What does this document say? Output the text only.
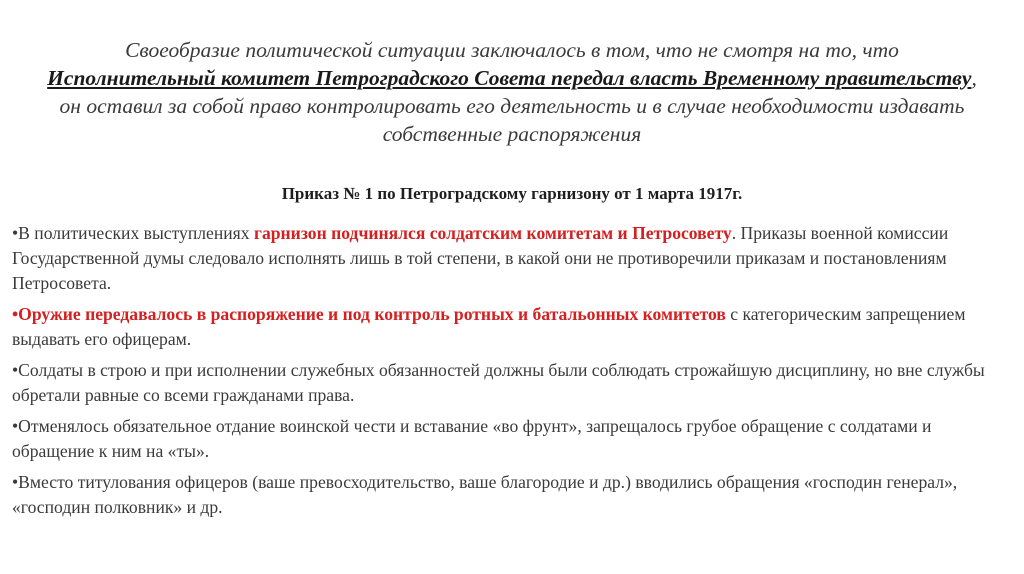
Своеобразие политической ситуации заключалось в том, что не смотря на то, что Исполнительный комитет Петроградского Совета передал власть Временному правительству, он оставил за собой право контролировать его деятельность и в случае необходимости издавать собственные распоряжения

Приказ № 1 по Петроградскому гарнизону от 1 марта 1917г.
•В политических выступлениях гарнизон подчинялся солдатским комитетам и Петросовету. Приказы военной комиссии Государственной думы следовало исполнять лишь в той степени, в какой они не противоречили приказам и постановлениям Петросовета.
•Оружие передавалось в распоряжение и под контроль ротных и батальонных комитетов с категорическим запрещением выдавать его офицерам.
•Солдаты в строю и при исполнении служебных обязанностей должны были соблюдать строжайшую дисциплину, но вне службы обретали равные со всеми гражданами права.
•Отменялось обязательное отдание воинской чести и вставание «во фрунт», запрещалось грубое обращение с солдатами и обращение к ним на «ты».
•Вместо титулования офицеров (ваше превосходительство, ваше благородие и др.) вводились обращения «господин генерал», «господин полковник» и др.
